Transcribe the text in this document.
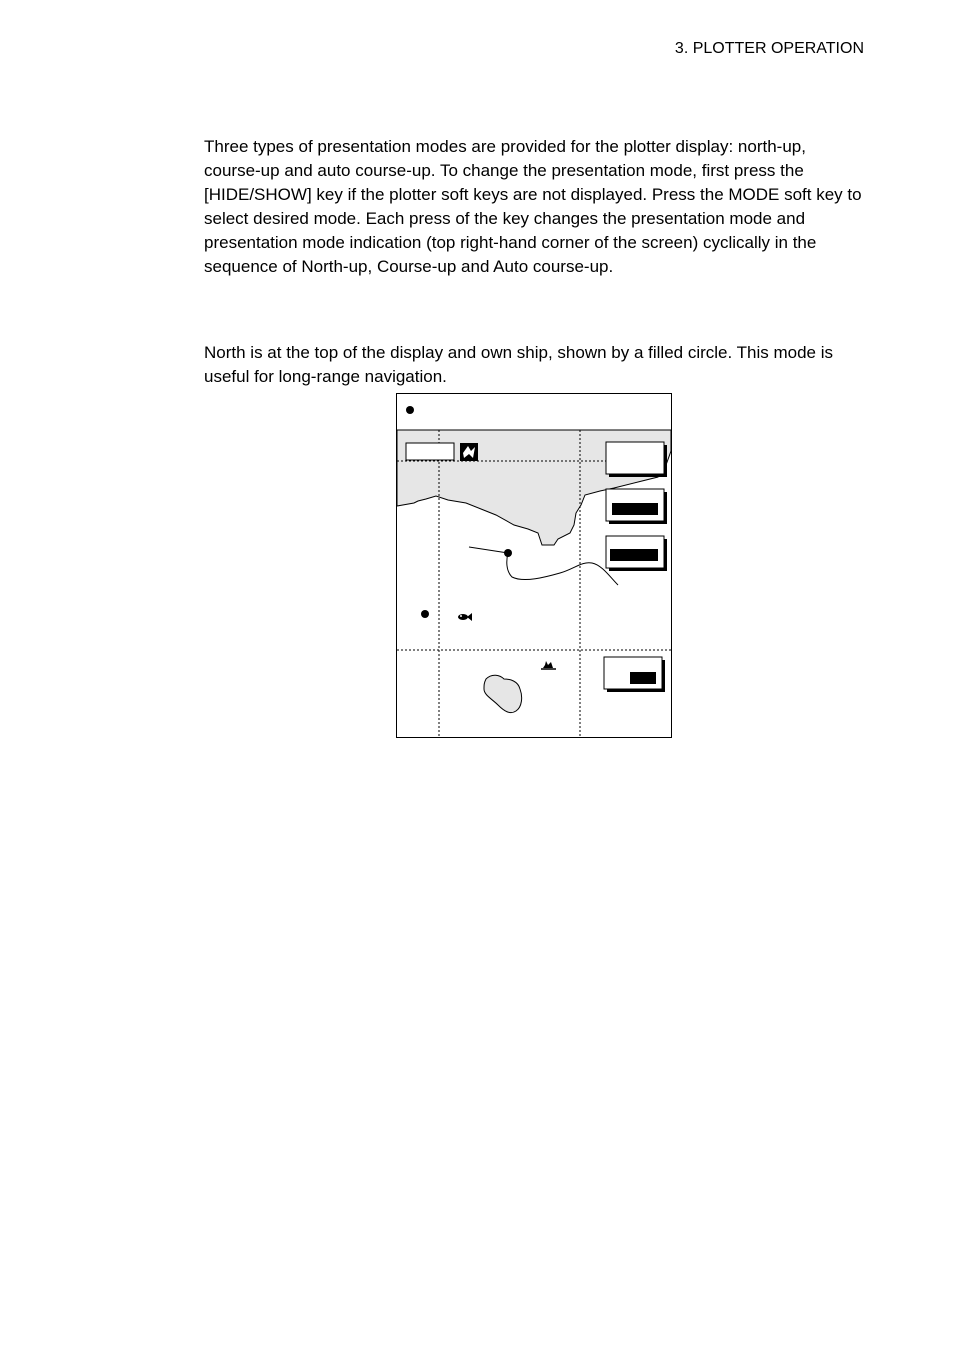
3. PLOTTER OPERATION

Three types of presentation modes are provided for the plotter display: north-up, course-up and auto course-up. To change the presentation mode, first press the [HIDE/SHOW] key if the plotter soft keys are not displayed. Press the MODE soft key to select desired mode. Each press of the key changes the presentation mode and presentation mode indication (top right-hand corner of the screen) cyclically in the sequence of North-up, Course-up and Auto course-up.

North is at the top of the display and own ship, shown by a filled circle. This mode is useful for long-range navigation.
